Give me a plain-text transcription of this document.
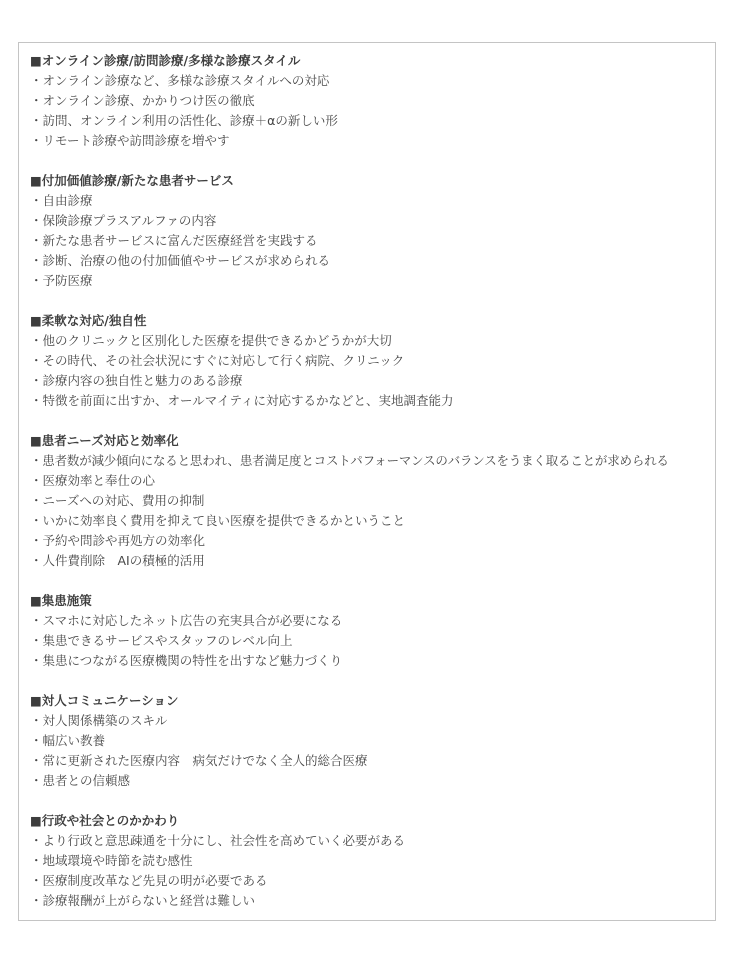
■オンライン診療/訪問診療/多様な診療スタイル
・オンライン診療など、多様な診療スタイルへの対応
・オンライン診療、かかりつけ医の徹底
・訪問、オンライン利用の活性化、診療＋αの新しい形
・リモート診療や訪問診療を増やす
■付加価値診療/新たな患者サービス
・自由診療
・保険診療プラスアルファの内容
・新たな患者サービスに富んだ医療経営を実践する
・診断、治療の他の付加価値やサービスが求められる
・予防医療
■柔軟な対応/独自性
・他のクリニックと区別化した医療を提供できるかどうかが大切
・その時代、その社会状況にすぐに対応して行く病院、クリニック
・診療内容の独自性と魅力のある診療
・特徴を前面に出すか、オールマイティに対応するかなどと、実地調査能力
■患者ニーズ対応と効率化
・患者数が減少傾向になると思われ、患者満足度とコストパフォーマンスのバランスをうまく取ることが求められる
・医療効率と奉仕の心
・ニーズへの対応、費用の抑制
・いかに効率良く費用を抑えて良い医療を提供できるかということ
・予約や問診や再処方の効率化
・人件費削除　AIの積極的活用
■集患施策
・スマホに対応したネット広告の充実具合が必要になる
・集患できるサービスやスタッフのレベル向上
・集患につながる医療機関の特性を出すなど魅力づくり
■対人コミュニケーション
・対人関係構築のスキル
・幅広い教養
・常に更新された医療内容　病気だけでなく全人的総合医療
・患者との信頼感
■行政や社会とのかかわり
・より行政と意思疎通を十分にし、社会性を高めていく必要がある
・地域環境や時節を読む感性
・医療制度改革など先見の明が必要である
・診療報酬が上がらないと経営は難しい
